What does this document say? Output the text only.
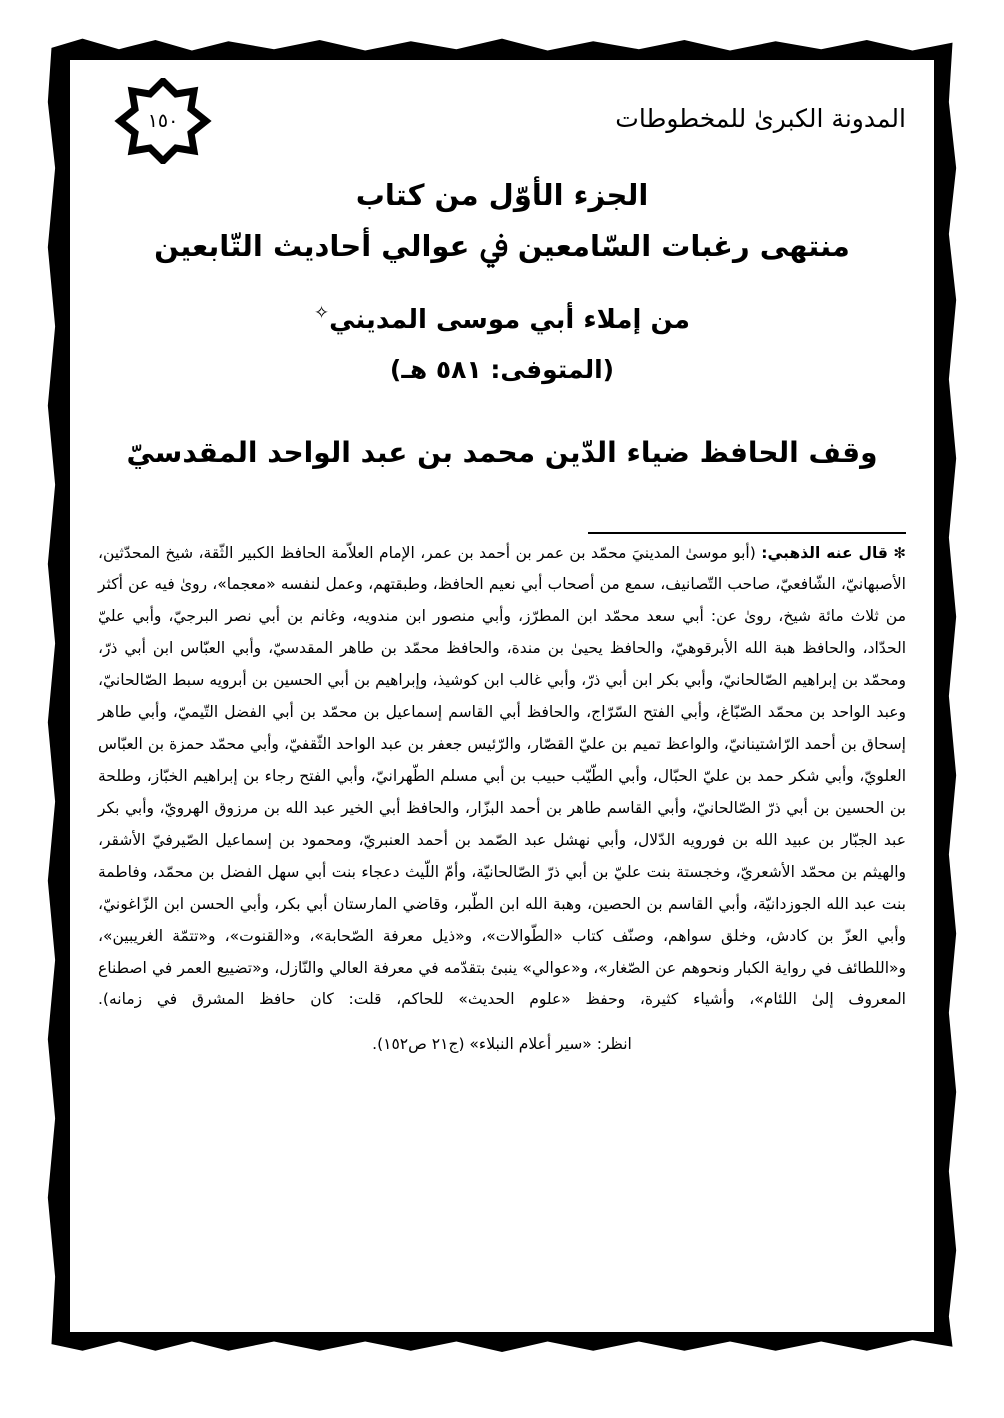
١٥٠	المدونة الكبرىٰ للمخطوطات
الجزء الأوّل من كتاب
منتهى رغبات السّامعين ﰲ عوالي أحاديث التّابعين
من إملاء أبي موسى المديني✧
(المتوفى: ٥٨١ هـ)
وقف الحافظ ضياء الدّين محمد بن عبد الواحد المقدسيّ
✻ قال عنه الذهبي: (أبو موسىٰ المدينيَ محمّد بن عمر بن أحمد بن عمر، الإمام العلاّمة الحافظ الكبير الثّقة، شيخ المحدّثين، الأصبهانيّ، الشّافعيّ، صاحب التّصانيف، سمع من أصحاب أبي نعيم الحافظ، وطبقتهم، وعمل لنفسه «معجما»، روىٰ فيه عن أكثر من ثلاث مائة شيخ، روىٰ عن: أبي سعد محمّد ابن المطرّز، وأبي منصور ابن مندويه، وغانم بن أبي نصر البرجيّ، وأبي عليّ الحدّاد، والحافظ هبة الله الأبرقوهيّ، والحافظ يحيىٰ بن مندة، والحافظ محمّد بن طاهر المقدسيّ، وأبي العبّاس ابن أبي ذرّ، ومحمّد بن إبراهيم الصّالحانيّ، وأبي بكر ابن أبي ذرّ، وأبي غالب ابن كوشيذ، وإبراهيم بن أبي الحسين بن أبرويه سبط الصّالحانيّ، وعبد الواحد بن محمّد الصّبّاغ، وأبي الفتح السّرّاج، والحافظ أبي القاسم إسماعيل بن محمّد بن أبي الفضل التّيميّ، وأبي طاهر إسحاق بن أحمد الرّاشتينانيّ، والواعظ تميم بن عليّ القصّار، والرّئيس جعفر بن عبد الواحد الثّقفيّ، وأبي محمّد حمزة بن العبّاس العلويّ، وأبي شكر حمد بن عليّ الحبّال، وأبي الطّيّب حبيب بن أبي مسلم الطّهرانيّ، وأبي الفتح رجاء بن إبراهيم الخبّاز، وطلحة بن الحسين بن أبي ذرّ الصّالحانيّ، وأبي القاسم طاهر بن أحمد البزّار، والحافظ أبي الخير عبد الله بن مرزوق الهرويّ، وأبي بكر عبد الجبّار بن عبيد الله بن فورويه الدّلال، وأبي نهشل عبد الصّمد بن أحمد العنبريّ، ومحمود بن إسماعيل الصّيرفيّ الأشقر، والهيثم بن محمّد الأشعريّ، وخجستة بنت عليّ بن أبي ذرّ الصّالحانيّة، وأمّ اللّيث دعجاء بنت أبي سهل الفضل بن محمّد، وفاطمة بنت عبد الله الجوزدانيّة، وأبي القاسم بن الحصين، وهبة الله ابن الطّبر، وقاضي المارستان أبي بكر، وأبي الحسن ابن الزّاغونيّ، وأبي العزّ بن كادش، وخلق سواهم، وصنّف كتاب «الطّوالات»، و«ذيل معرفة الصّحابة»، و«القنوت»، و«تتمّة الغريبين»، و«اللطائف في رواية الكبار ونحوهم عن الصّغار»، و«عوالي» ينبئ بتقدّمه في معرفة العالي والنّازل، و«تضييع العمر في اصطناع المعروف إلىٰ اللئام»، وأشياء كثيرة، وحفظ «علوم الحديث» للحاكم، قلت: كان حافظ المشرق في زمانه).
انظر: «سير أعلام النبلاء» (ج٢١ ص١٥٢).
